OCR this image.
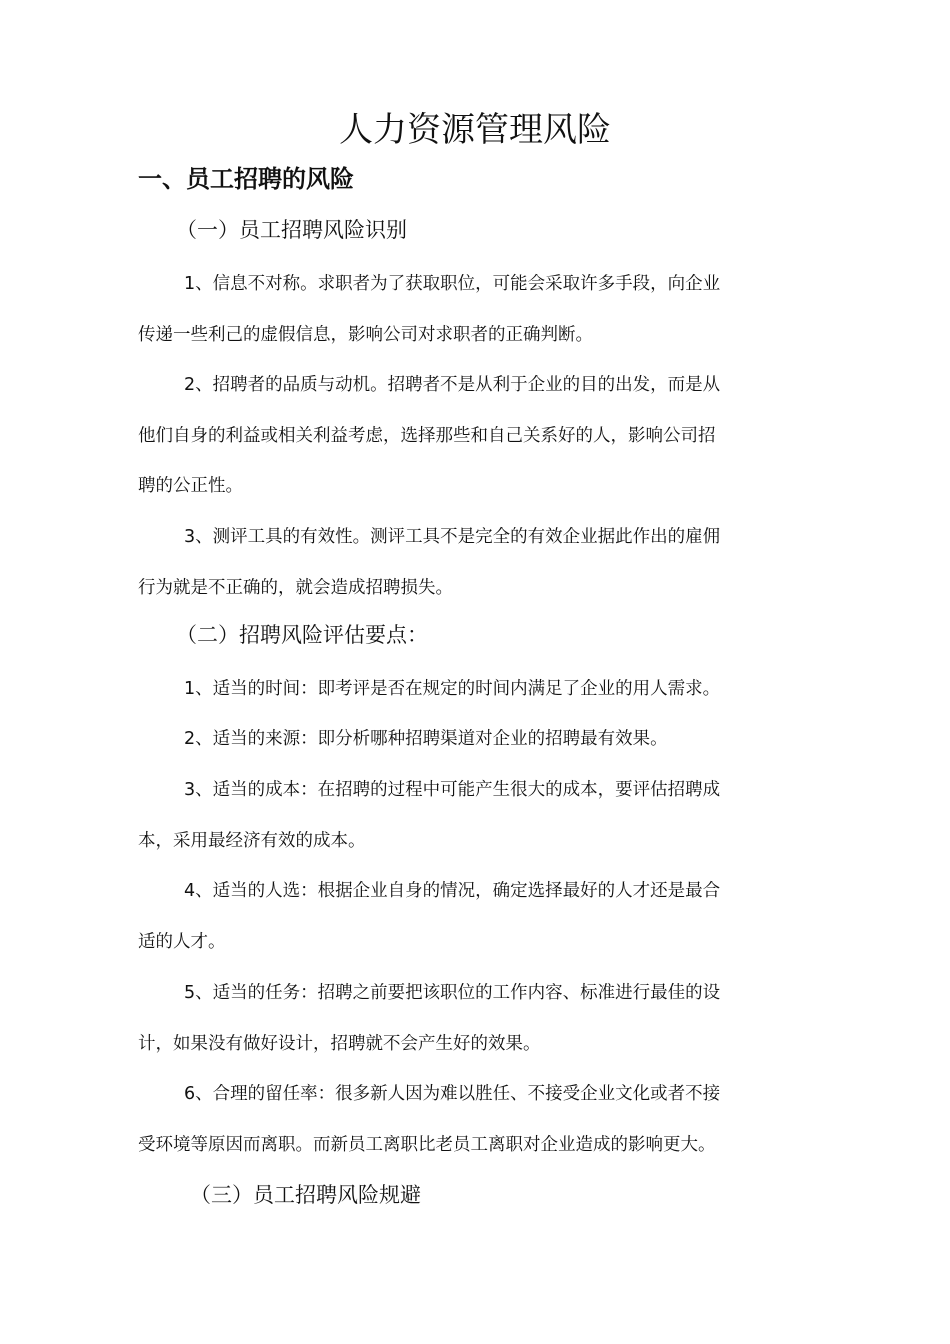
人力资源管理风险
一、员工招聘的风险
（一）员工招聘风险识别
1、信息不对称。求职者为了获取职位，可能会采取许多手段，向企业
传递一些利己的虚假信息，影响公司对求职者的正确判断。
2、招聘者的品质与动机。招聘者不是从利于企业的目的出发，而是从
他们自身的利益或相关利益考虑，选择那些和自己关系好的人，影响公司招
聘的公正性。
3、测评工具的有效性。测评工具不是完全的有效企业据此作出的雇佣
行为就是不正确的，就会造成招聘损失。
（二）招聘风险评估要点：
1、适当的时间：即考评是否在规定的时间内满足了企业的用人需求。
2、适当的来源：即分析哪种招聘渠道对企业的招聘最有效果。
3、适当的成本：在招聘的过程中可能产生很大的成本，要评估招聘成
本，采用最经济有效的成本。
4、适当的人选：根据企业自身的情况，确定选择最好的人才还是最合
适的人才。
5、适当的任务：招聘之前要把该职位的工作内容、标准进行最佳的设
计，如果没有做好设计，招聘就不会产生好的效果。
6、合理的留任率：很多新人因为难以胜任、不接受企业文化或者不接
受环境等原因而离职。而新员工离职比老员工离职对企业造成的影响更大。
（三）员工招聘风险规避
